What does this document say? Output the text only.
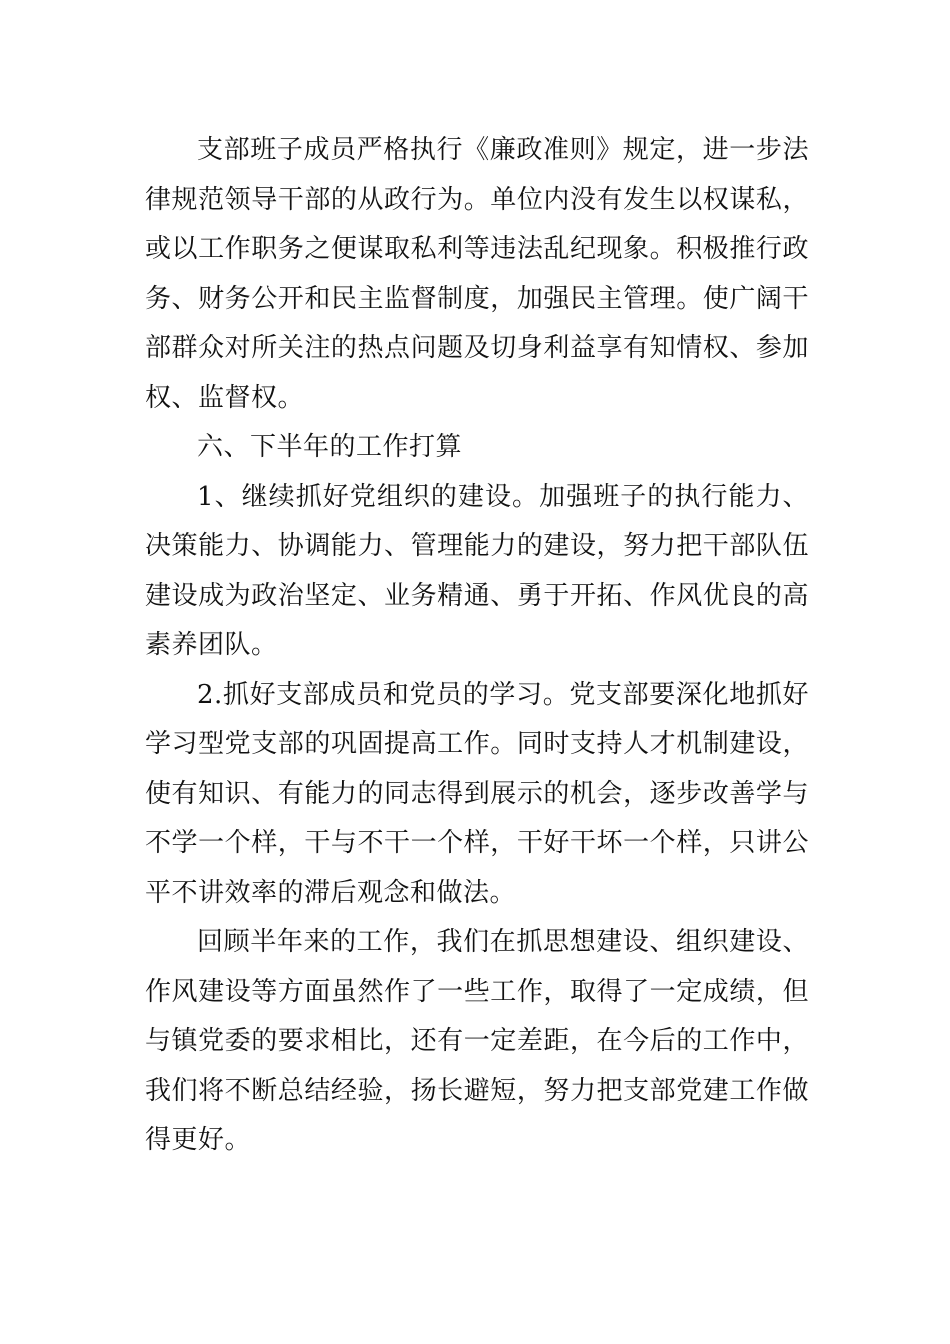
支部班子成员严格执行《廉政准则》规定，进一步法律规范领导干部的从政行为。单位内没有发生以权谋私，或以工作职务之便谋取私利等违法乱纪现象。积极推行政务、财务公开和民主监督制度，加强民主管理。使广阔干部群众对所关注的热点问题及切身利益享有知情权、参加权、监督权。

六、下半年的工作打算

1、继续抓好党组织的建设。加强班子的执行能力、决策能力、协调能力、管理能力的建设，努力把干部队伍建设成为政治坚定、业务精通、勇于开拓、作风优良的高素养团队。

2.抓好支部成员和党员的学习。党支部要深化地抓好学习型党支部的巩固提高工作。同时支持人才机制建设，使有知识、有能力的同志得到展示的机会，逐步改善学与不学一个样，干与不干一个样，干好干坏一个样，只讲公平不讲效率的滞后观念和做法。

回顾半年来的工作，我们在抓思想建设、组织建设、作风建设等方面虽然作了一些工作，取得了一定成绩，但与镇党委的要求相比，还有一定差距，在今后的工作中，我们将不断总结经验，扬长避短，努力把支部党建工作做得更好。
